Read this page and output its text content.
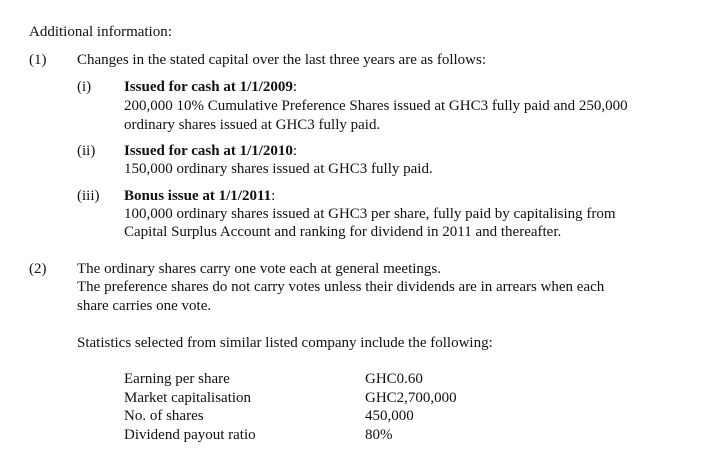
Additional information:
(1) Changes in the stated capital over the last three years are as follows:
(i) Issued for cash at 1/1/2009:
200,000 10% Cumulative Preference Shares issued at GHC3 fully paid and 250,000
ordinary shares issued at GHC3 fully paid.
(ii) Issued for cash at 1/1/2010:
150,000 ordinary shares issued at GHC3 fully paid.
(iii) Bonus issue at 1/1/2011:
100,000 ordinary shares issued at GHC3 per share, fully paid by capitalising from
Capital Surplus Account and ranking for dividend in 2011 and thereafter.
(2) The ordinary shares carry one vote each at general meetings.
The preference shares do not carry votes unless their dividends are in arrears when each
share carries one vote.
Statistics selected from similar listed company include the following:
Earning per share	GHC0.60
Market capitalisation	GHC2,700,000
No. of shares	450,000
Dividend payout ratio	80%
